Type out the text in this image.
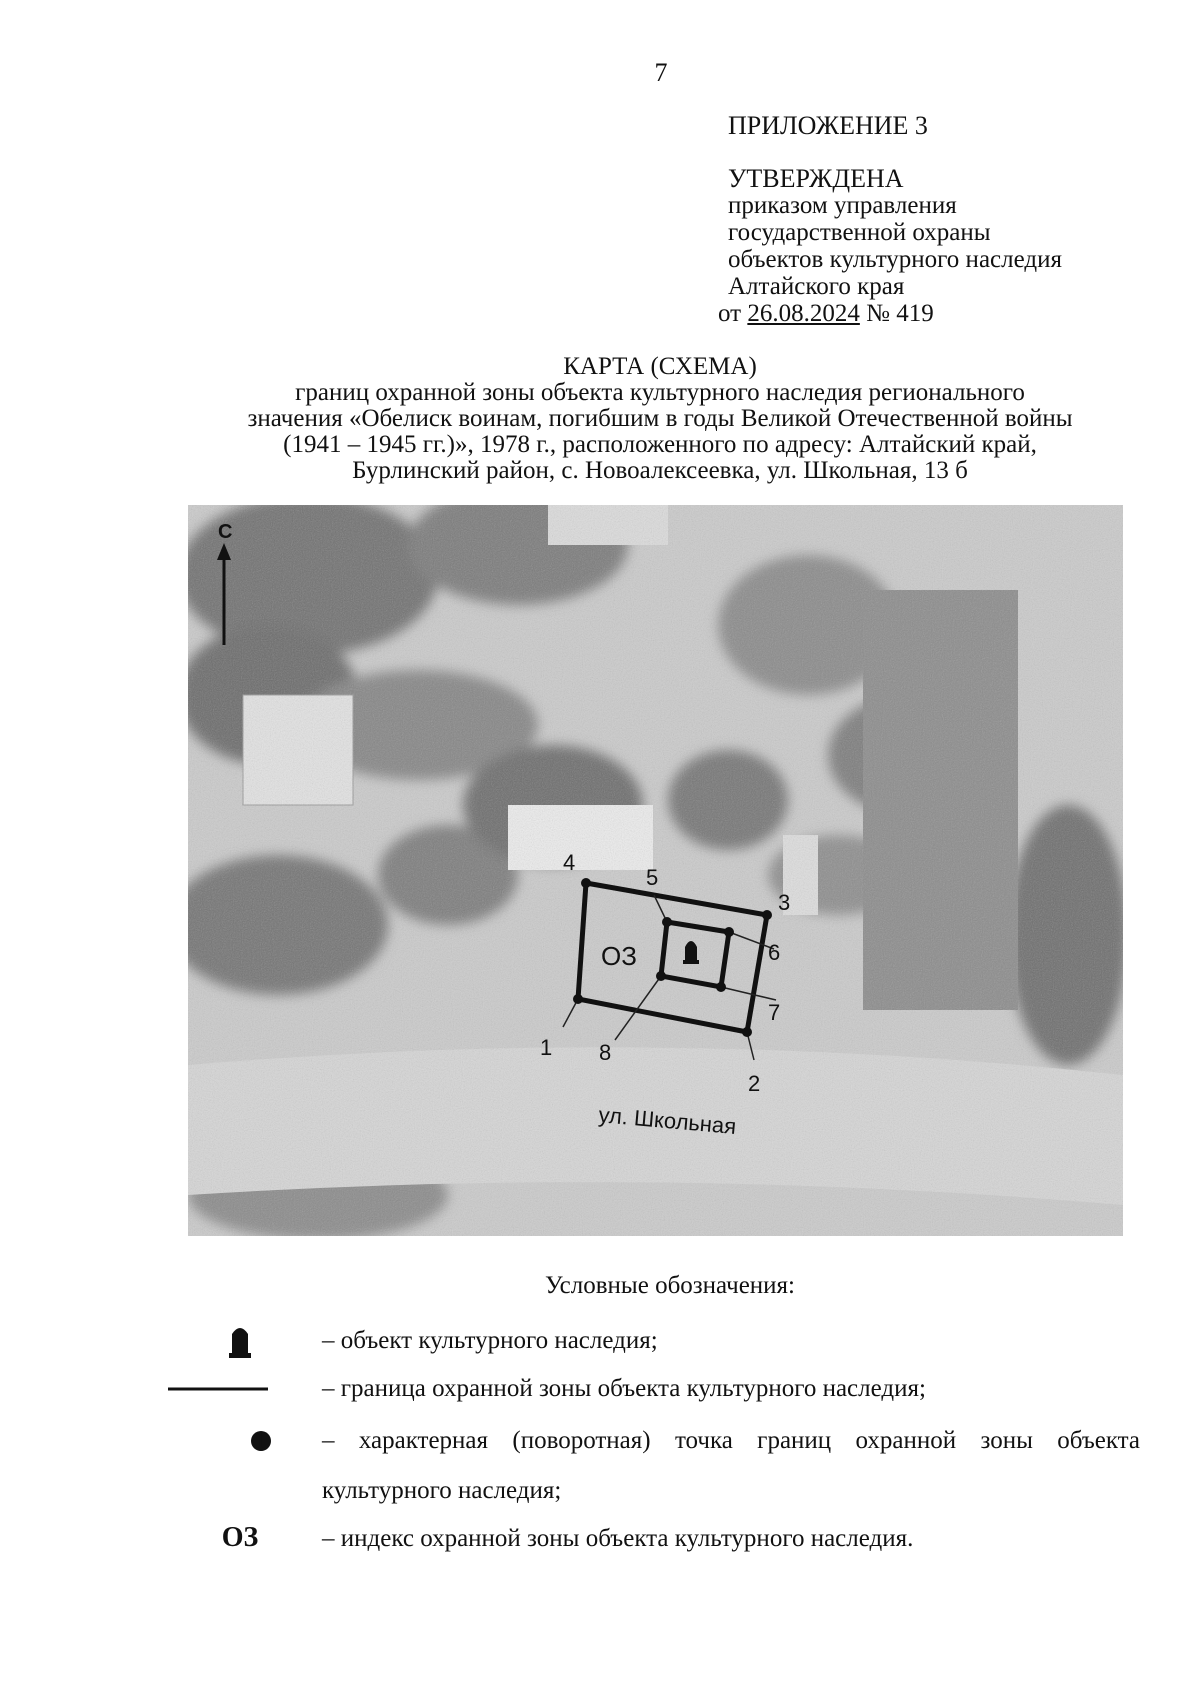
7
ПРИЛОЖЕНИЕ 3
УТВЕРЖДЕНА
приказом управления
государственной охраны
объектов культурного наследия
Алтайского края
от 26.08.2024 № 419
КАРТА (СХЕМА)
границ охранной зоны объекта культурного наследия регионального
значения «Обелиск воинам, погибшим в годы Великой Отечественной войны
(1941 – 1945 гг.)», 1978 г., расположенного по адресу: Алтайский край,
Бурлинский район, с. Новоалексеевка, ул. Школьная, 13 б
С
1
2
3
4
5
6
7
8
ОЗ
ул. Школьная
Условные обозначения:
– объект культурного наследия;
– граница охранной зоны объекта культурного наследия;
1 – характерная (поворотная) точка границ охранной зоны объекта
культурного наследия;
ОЗ	– индекс охранной зоны объекта культурного наследия.
